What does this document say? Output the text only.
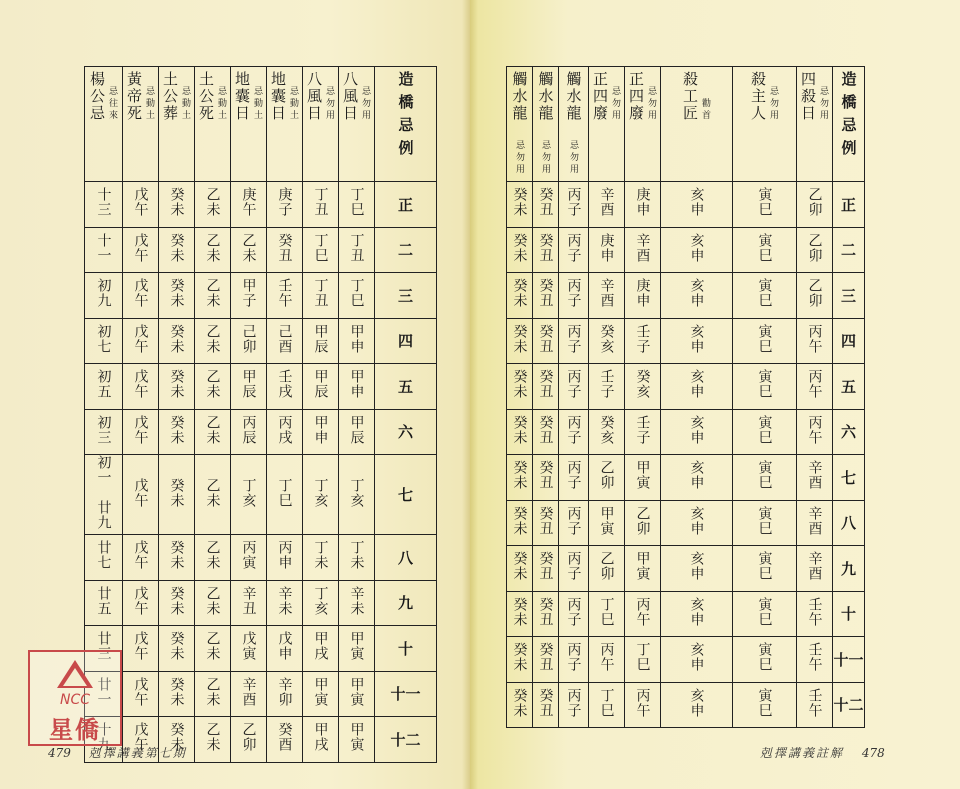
楊公忌忌往來	黃帝死忌動土	土公葬忌動土	土公死忌動土	地囊日忌動土	地囊日忌動土	八風日忌勿用	八風日忌勿用	造橋忌例
十三	戊午	癸未	乙未	庚午	庚子	丁丑	丁巳	正
十一	戊午	癸未	乙未	乙未	癸丑	丁巳	丁丑	二
初九	戊午	癸未	乙未	甲子	壬午	丁丑	丁巳	三
初七	戊午	癸未	乙未	己卯	己酉	甲辰	甲申	四
初五	戊午	癸未	乙未	甲辰	壬戌	甲辰	甲申	五
初三	戊午	癸未	乙未	丙辰	丙戌	甲申	甲辰	六
初一　廿九	戊午	癸未	乙未	丁亥	丁巳	丁亥	丁亥	七
廿七	戊午	癸未	乙未	丙寅	丙申	丁未	丁未	八
廿五	戊午	癸未	乙未	辛丑	辛未	丁亥	辛未	九
廿三	戊午	癸未	乙未	戊寅	戊申	甲戌	甲寅	十
廿一	戊午	癸未	乙未	辛酉	辛卯	甲寅	甲寅	十一
十九	戊午	癸未	乙未	乙卯	癸酉	甲戌	甲寅	十二
觸水龍忌勿用	觸水龍忌勿用	觸水龍忌勿用	正四廢忌勿用	正四廢忌勿用	殺工匠勸首	殺主人忌勿用	四殺日忌勿用	造橋忌例
癸未	癸丑	丙子	辛酉	庚申	亥申	寅巳	乙卯	正
癸未	癸丑	丙子	庚申	辛酉	亥申	寅巳	乙卯	二
癸未	癸丑	丙子	辛酉	庚申	亥申	寅巳	乙卯	三
癸未	癸丑	丙子	癸亥	壬子	亥申	寅巳	丙午	四
癸未	癸丑	丙子	壬子	癸亥	亥申	寅巳	丙午	五
癸未	癸丑	丙子	癸亥	壬子	亥申	寅巳	丙午	六
癸未	癸丑	丙子	乙卯	甲寅	亥申	寅巳	辛酉	七
癸未	癸丑	丙子	甲寅	乙卯	亥申	寅巳	辛酉	八
癸未	癸丑	丙子	乙卯	甲寅	亥申	寅巳	辛酉	九
癸未	癸丑	丙子	丁巳	丙午	亥申	寅巳	壬午	十
癸未	癸丑	丙子	丙午	丁巳	亥申	寅巳	壬午	十一
癸未	癸丑	丙子	丁巳	丙午	亥申	寅巳	壬午	十二
479 剋擇講義第七期	剋擇講義註解 478
NCC
星僑
